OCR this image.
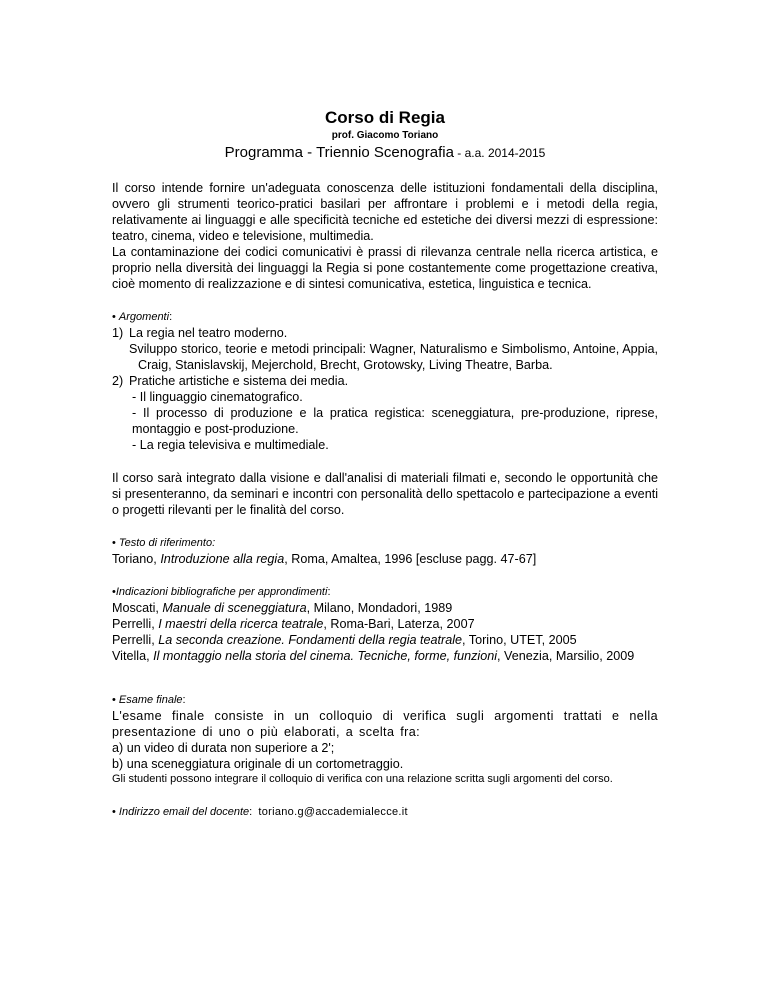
Corso di Regia
prof. Giacomo Toriano
Programma - Triennio Scenografia - a.a. 2014-2015

Il corso intende fornire un'adeguata conoscenza delle istituzioni fondamentali della disciplina, ovvero gli strumenti teorico-pratici basilari per affrontare i problemi e i metodi della regia, relativamente ai linguaggi e alle specificità tecniche ed estetiche dei diversi mezzi di espressione: teatro, cinema, video e televisione, multimedia.

La contaminazione dei codici comunicativi è prassi di rilevanza centrale nella ricerca artistica, e proprio nella diversità dei linguaggi la Regia si pone costantemente come progettazione creativa, cioè momento di realizzazione e di sintesi comunicativa, estetica, linguistica e tecnica.

• Argomenti:
1) La regia nel teatro moderno.

Sviluppo storico, teorie e metodi principali: Wagner, Naturalismo e Simbolismo, Antoine, Appia, Craig, Stanislavskij, Mejerchold, Brecht, Grotowsky, Living Theatre, Barba.

2) Pratiche artistiche e sistema dei media.

- Il linguaggio cinematografico.

- Il processo di produzione e la pratica registica: sceneggiatura, pre-produzione, riprese, montaggio e post-produzione.

- La regia televisiva e multimediale.

Il corso sarà integrato dalla visione e dall'analisi di materiali filmati e, secondo le opportunità che si presenteranno, da seminari e incontri con personalità dello spettacolo e partecipazione a eventi o progetti rilevanti per le finalità del corso.

• Testo di riferimento:
Toriano, Introduzione alla regia, Roma, Amaltea, 1996 [escluse pagg. 47-67]
•Indicazioni bibliografiche per approndimenti:
Moscati, Manuale di sceneggiatura, Milano, Mondadori, 1989
Perrelli, I maestri della ricerca teatrale, Roma-Bari, Laterza, 2007
Perrelli, La seconda creazione. Fondamenti della regia teatrale, Torino, UTET, 2005
Vitella, Il montaggio nella storia del cinema. Tecniche, forme, funzioni, Venezia, Marsilio, 2009
• Esame finale:

L'esame finale consiste in un colloquio di verifica sugli argomenti trattati e nella presentazione di uno o più elaborati, a scelta fra:

a) un video di durata non superiore a 2';
b) una sceneggiatura originale di un cortometraggio.

Gli studenti possono integrare il colloquio di verifica con una relazione scritta sugli argomenti del corso.

• Indirizzo email del docente: toriano.g@accademialecce.it
